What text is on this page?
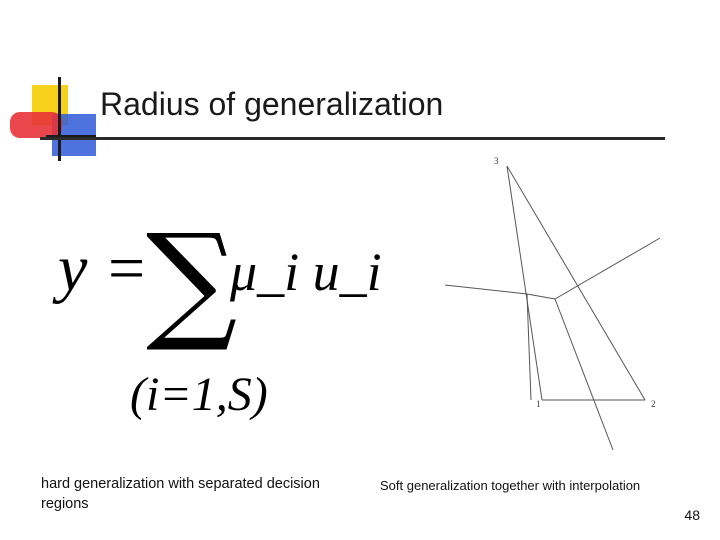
Radius of generalization
y =
∑
μ_i u_i
(i=1,S)
3
1	2
hard generalization with separated decision regions
Soft generalization together with interpolation
48
